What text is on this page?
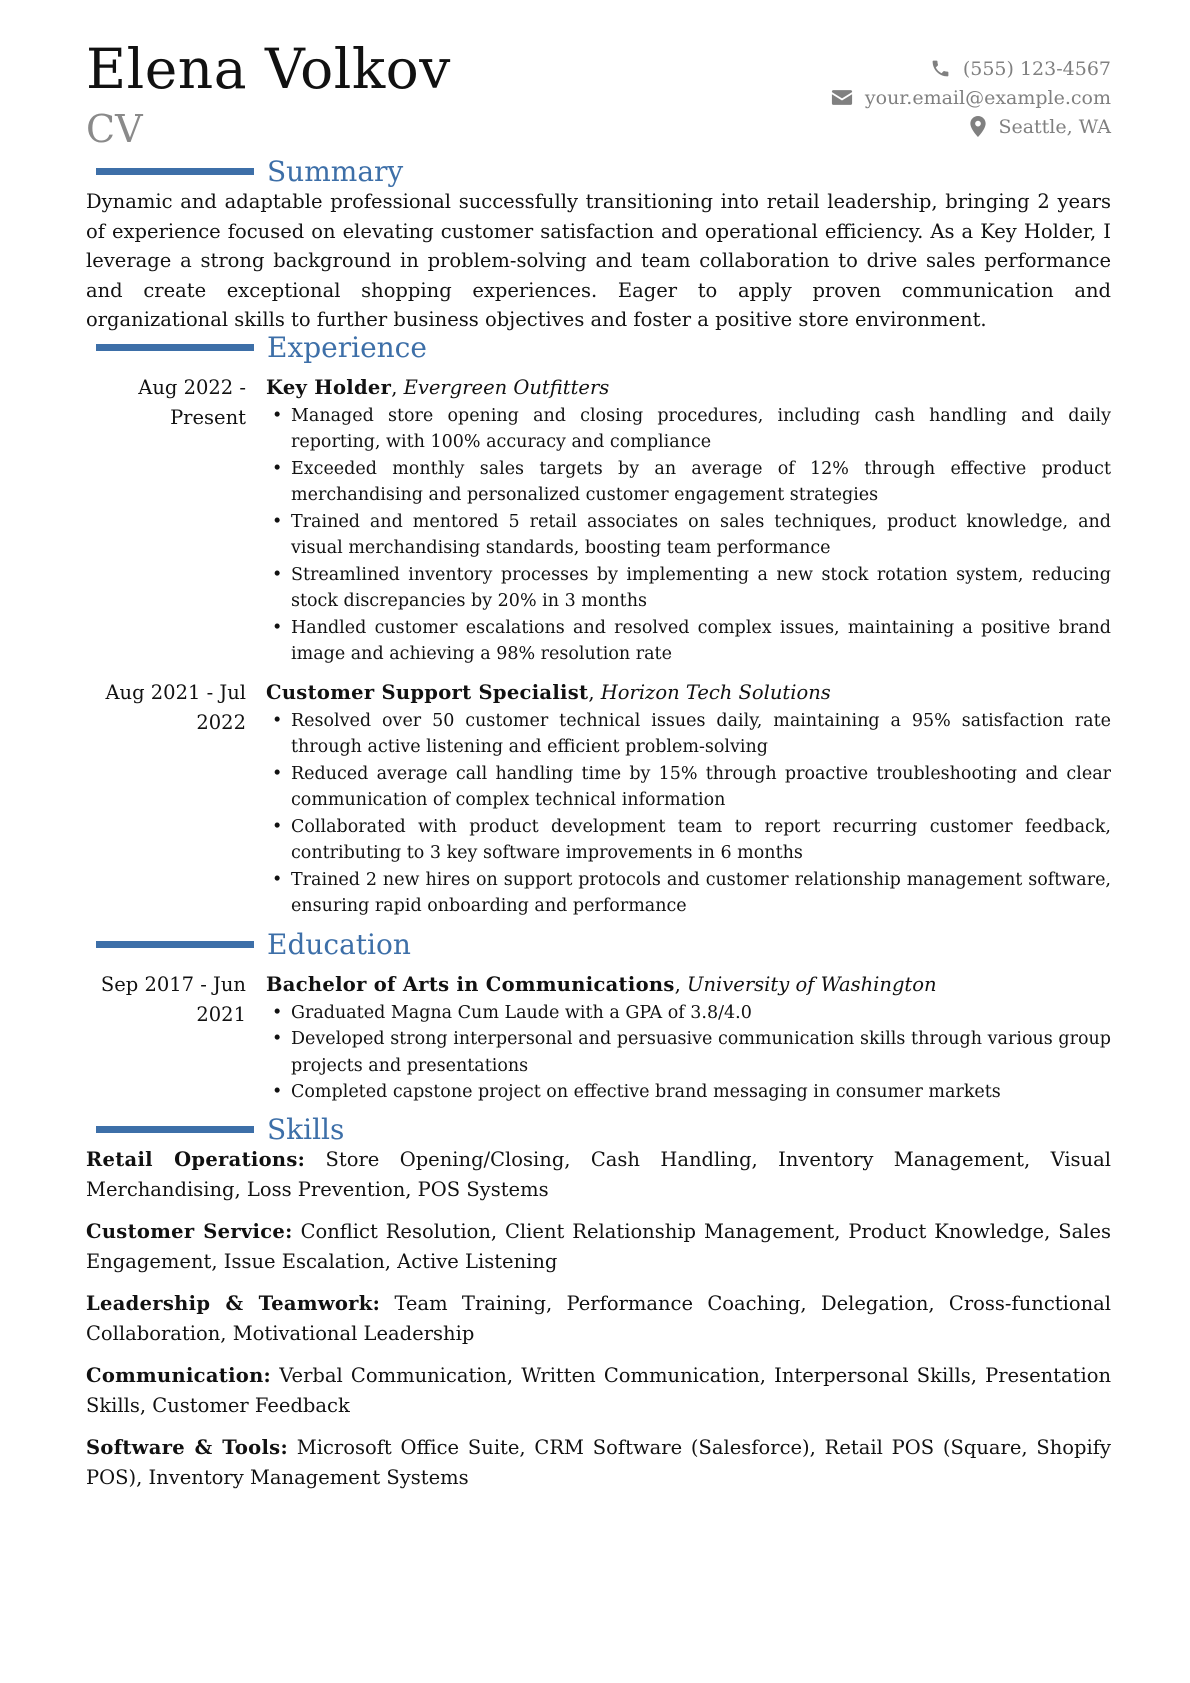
Elena Volkov
CV
(555) 123-4567
your.email@example.com
Seattle, WA
Summary
Dynamic and adaptable professional successfully transitioning into retail leadership, bringing 2 years of experience focused on elevating customer satisfaction and operational efficiency. As a Key Holder, I leverage a strong background in problem-solving and team collaboration to drive sales performance and create exceptional shopping experiences. Eager to apply proven communication and organizational skills to further business objectives and foster a positive store environment.
Experience
Aug 2022 - Present
Key Holder, Evergreen Outfitters
• Managed store opening and closing procedures, including cash handling and daily reporting, with 100% accuracy and compliance
• Exceeded monthly sales targets by an average of 12% through effective product merchandising and personalized customer engagement strategies
• Trained and mentored 5 retail associates on sales techniques, product knowledge, and visual merchandising standards, boosting team performance
• Streamlined inventory processes by implementing a new stock rotation system, reducing stock discrepancies by 20% in 3 months
• Handled customer escalations and resolved complex issues, maintaining a positive brand image and achieving a 98% resolution rate
Aug 2021 - Jul 2022
Customer Support Specialist, Horizon Tech Solutions
• Resolved over 50 customer technical issues daily, maintaining a 95% satisfaction rate through active listening and efficient problem-solving
• Reduced average call handling time by 15% through proactive troubleshooting and clear communication of complex technical information
• Collaborated with product development team to report recurring customer feedback, contributing to 3 key software improvements in 6 months
• Trained 2 new hires on support protocols and customer relationship management software, ensuring rapid onboarding and performance
Education
Sep 2017 - Jun 2021
Bachelor of Arts in Communications, University of Washington
• Graduated Magna Cum Laude with a GPA of 3.8/4.0
• Developed strong interpersonal and persuasive communication skills through various group projects and presentations
• Completed capstone project on effective brand messaging in consumer markets
Skills
Retail Operations: Store Opening/Closing, Cash Handling, Inventory Management, Visual Merchandising, Loss Prevention, POS Systems
Customer Service: Conflict Resolution, Client Relationship Management, Product Knowledge, Sales Engagement, Issue Escalation, Active Listening
Leadership & Teamwork: Team Training, Performance Coaching, Delegation, Cross-functional Collaboration, Motivational Leadership
Communication: Verbal Communication, Written Communication, Interpersonal Skills, Presentation Skills, Customer Feedback
Software & Tools: Microsoft Office Suite, CRM Software (Salesforce), Retail POS (Square, Shopify POS), Inventory Management Systems
